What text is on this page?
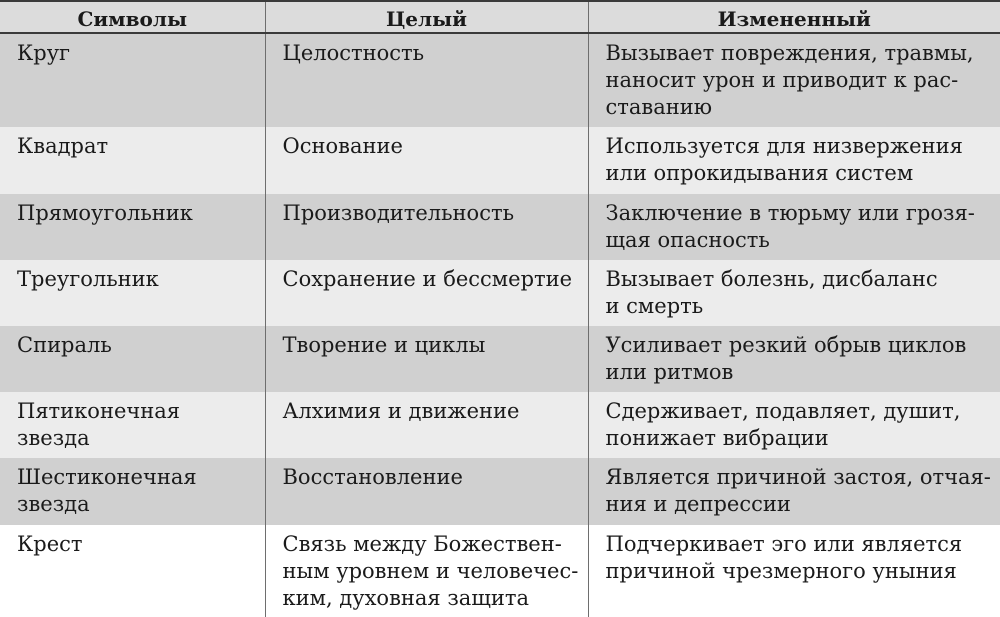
Символы	Целый	Измененный

Круг	Целостность	Вызывает повреждения, травмы,
наносит урон и приводит к рас-
ставанию

Квадрат	Основание	Используется для низвержения
или опрокидывания систем

Прямоугольник	Производительность	Заключение в тюрьму или грозя-
щая опасность

Треугольник	Сохранение и бессмертие	Вызывает болезнь, дисбаланс
и смерть

Спираль	Творение и циклы	Усиливает резкий обрыв циклов
или ритмов

Пятиконечная
звезда	Алхимия и движение	Сдерживает, подавляет, душит,
понижает вибрации

Шестиконечная
звезда	Восстановление	Является причиной застоя, отчая-
ния и депрессии

Крест	Связь между Божествен-
ным уровнем и человечес-
ким, духовная защита	Подчеркивает эго или является
причиной чрезмерного уныния
